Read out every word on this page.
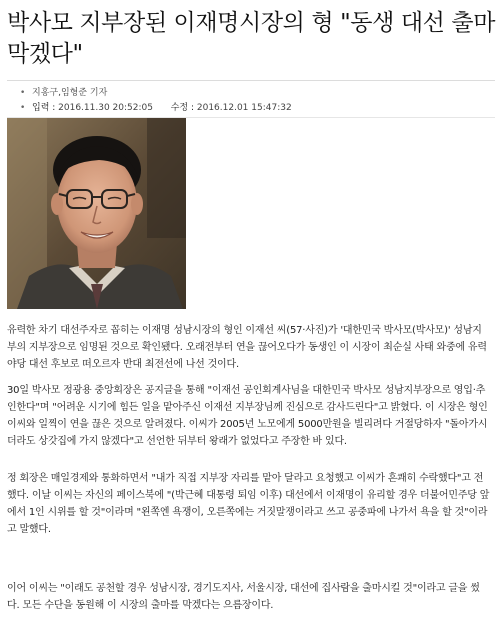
박사모 지부장된 이재명시장의 형 "동생 대선 출마 막겠다"
• 지홍구,임형준 기자
• 입력 : 2016.11.30 20:52:05 수정 : 2016.12.01 15:47:32

유력한 차기 대선주자로 꼽히는 이재명 성남시장의 형인 이재선 씨(57·사진)가 '대한민국 박사모(박사모)' 성남지부의 지부장으로 임명된 것으로 확인됐다. 오래전부터 연을 끊어오다가 동생인 이 시장이 최순실 사태 와중에 유력 야당 대선 후보로 떠오르자 반대 최전선에 나선 것이다.

30일 박사모 정광용 중앙회장은 공지글을 통해 "이재선 공인회계사님을 대한민국 박사모 성남지부장으로 영입·추인한다"며 "어려운 시기에 힘든 일을 맡아주신 이재선 지부장님께 진심으로 감사드린다"고 밝혔다. 이 시장은 형인 이씨와 일찍이 연을 끊은 것으로 알려졌다. 이씨가 2005년 노모에게 5000만원을 빌리려다 거절당하자 "돌아가시더라도 상갓집에 가지 않겠다"고 선언한 뒤부터 왕래가 없었다고 주장한 바 있다.

정 회장은 매일경제와 통화하면서 "내가 직접 지부장 자리를 맡아 달라고 요청했고 이씨가 흔쾌히 수락했다"고 전했다. 이날 이씨는 자신의 페이스북에 "(박근혜 대통령 퇴임 이후) 대선에서 이재명이 유리할 경우 더불어민주당 앞에서 1인 시위를 할 것"이라며 "왼쪽엔 욕쟁이, 오른쪽에는 거짓말쟁이라고 쓰고 공중파에 나가서 욕을 할 것"이라고 말했다.

이어 이씨는 "이래도 공천할 경우 성남시장, 경기도지사, 서울시장, 대선에 집사람을 출마시킬 것"이라고 글을 썼다. 모든 수단을 동원해 이 시장의 출마를 막겠다는 으름장이다.
